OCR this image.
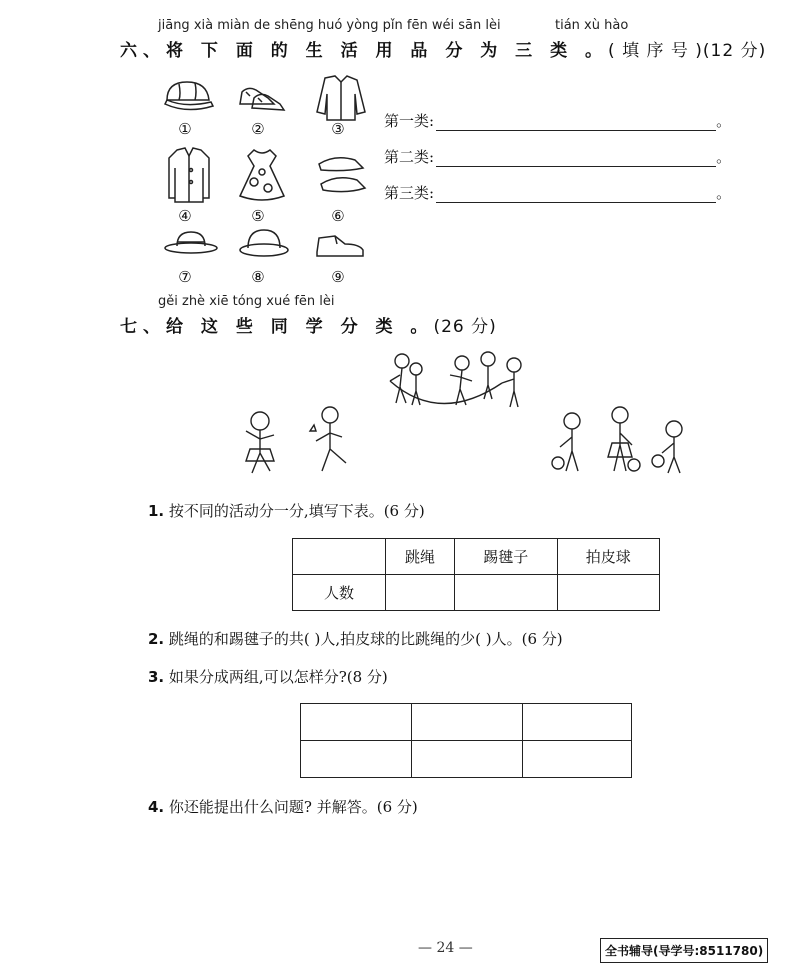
jiāng xià miàn de shēng huó yòng pǐn fēn wéi sān lèi	tián xù hào
六、将 下 面 的 生 活 用 品 分 为 三 类 。( 填 序 号 )(12 分)
①	②	③
④	⑤	⑥
⑦	⑧	⑨
第一类:	。
第二类:	。
第三类:	。
gěi zhè xiē tóng xué fēn lèi
七、给 这 些 同 学 分 类 。(26 分)
1. 按不同的活动分一分,填写下表。(6 分)
	跳绳	踢毽子	拍皮球
人数			
2. 跳绳的和踢毽子的共( )人,拍皮球的比跳绳的少( )人。(6 分)
3. 如果分成两组,可以怎样分?(8 分)

4. 你还能提出什么问题? 并解答。(6 分)
— 24 —	全书辅导(导学号:8511780)
